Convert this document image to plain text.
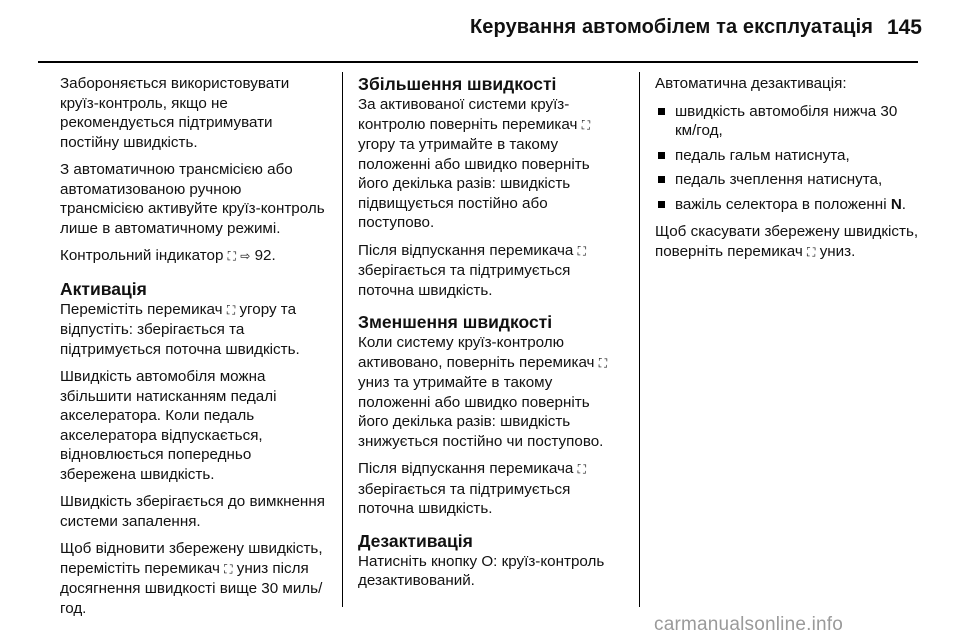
Керування автомобілем та експлуатація 145

Забороняється використовувати круїз-контроль, якщо не рекомендується підтримувати постійну швидкість.

З автоматичною трансмісією або автоматизованою ручною трансмісією активуйте круїз-контроль лише в автоматичному режимі.

Контрольний індикатор ⛶ ⇨ 92.

Активація

Перемістіть перемикач ⛶ угору та відпустіть: зберігається та підтримується поточна швидкість.

Швидкість автомобіля можна збільшити натисканням педалі акселератора. Коли педаль акселератора відпускається, відновлюється попередньо збережена швидкість.

Швидкість зберігається до вимкнення системи запалення.

Щоб відновити збережену швидкість, перемістіть перемикач ⛶ униз після досягнення швидкості вище 30 миль/год.

Збільшення швидкості

За активованої системи круїз-контролю поверніть перемикач ⛶ угору та утримайте в такому положенні або швидко поверніть його декілька разів: швидкість підвищується постійно або поступово.

Після відпускання перемикача ⛶ зберігається та підтримується поточна швидкість.

Зменшення швидкості

Коли систему круїз-контролю активовано, поверніть перемикач ⛶ униз та утримайте в такому положенні або швидко поверніть його декілька разів: швидкість знижується постійно чи поступово.

Після відпускання перемикача ⛶ зберігається та підтримується поточна швидкість.

Дезактивація

Натисніть кнопку O: круїз-контроль дезактивований.

Автоматична дезактивація:

швидкість автомобіля нижча 30 км/год,
педаль гальм натиснута,
педаль зчеплення натиснута,
важіль селектора в положенні N.

Щоб скасувати збережену швидкість, поверніть перемикач ⛶ униз.

carmanualsonline.info
